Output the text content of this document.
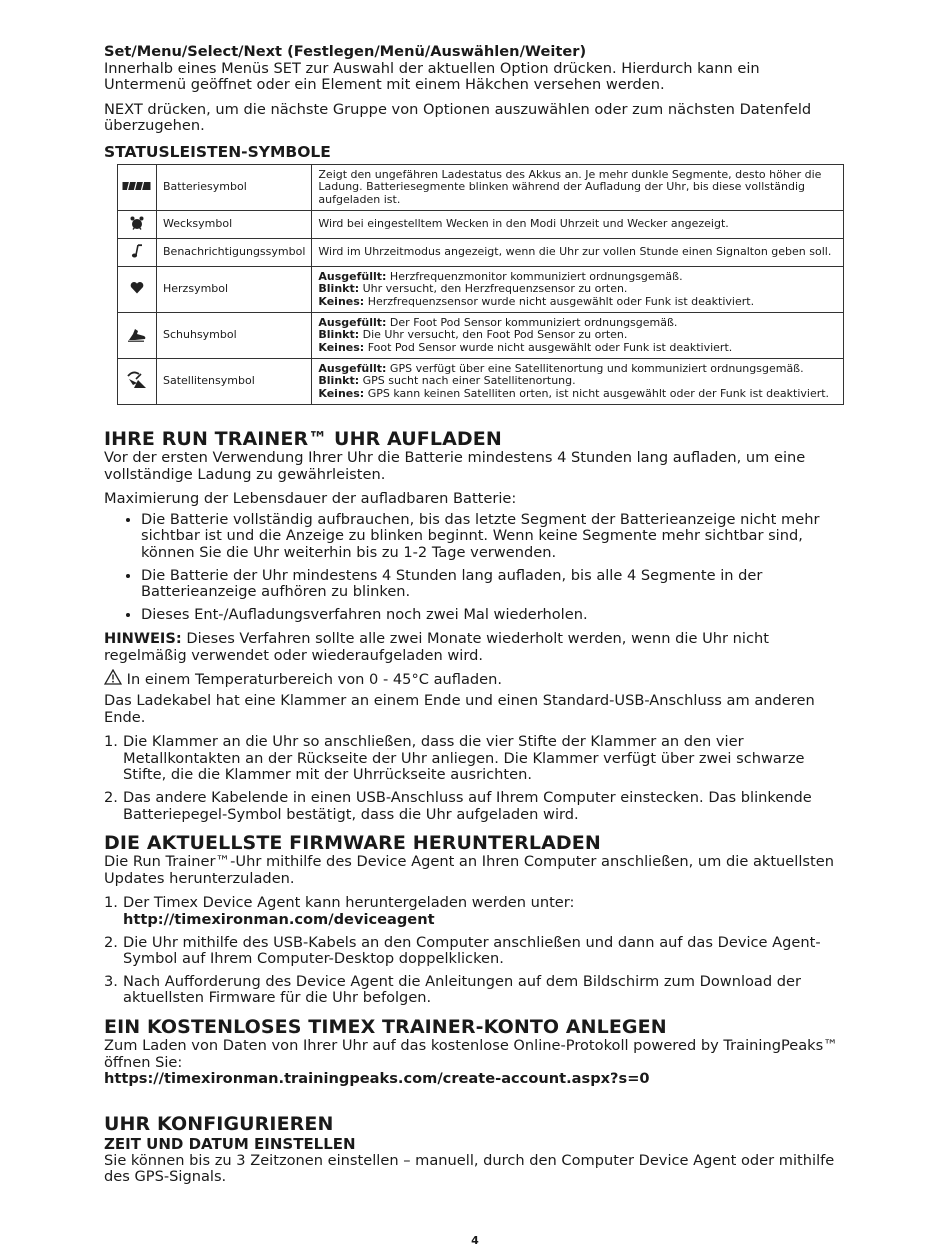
Set/Menu/Select/Next (Festlegen/Menü/Auswählen/Weiter)

Innerhalb eines Menüs SET zur Auswahl der aktuellen Option drücken. Hierdurch kann ein Untermenü geöffnet oder ein Element mit einem Häkchen versehen werden.

NEXT drücken, um die nächste Gruppe von Optionen auszuwählen oder zum nächsten Datenfeld überzugehen.

STATUSLEISTEN-SYMBOLE
	Batteriesymbol	Zeigt den ungefähren Ladestatus des Akkus an. Je mehr dunkle Segmente, desto höher die Ladung. Batteriesegmente blinken während der Aufladung der Uhr, bis diese vollständig aufgeladen ist.
	Wecksymbol	Wird bei eingestelltem Wecken in den Modi Uhrzeit und Wecker angezeigt.
	Benachrichtigungssymbol	Wird im Uhrzeitmodus angezeigt, wenn die Uhr zur vollen Stunde einen Signalton geben soll.
	Herzsymbol	Ausgefüllt: Herzfrequenzmonitor kommuniziert ordnungsgemäß.
Blinkt: Uhr versucht, den Herzfrequenzsensor zu orten.
Keines: Herzfrequenzsensor wurde nicht ausgewählt oder Funk ist deaktiviert.
	Schuhsymbol	Ausgefüllt: Der Foot Pod Sensor kommuniziert ordnungsgemäß.
Blinkt: Die Uhr versucht, den Foot Pod Sensor zu orten.
Keines: Foot Pod Sensor wurde nicht ausgewählt oder Funk ist deaktiviert.
	Satellitensymbol	Ausgefüllt: GPS verfügt über eine Satellitenortung und kommuniziert ordnungsgemäß.
Blinkt: GPS sucht nach einer Satellitenortung.
Keines: GPS kann keinen Satelliten orten, ist nicht ausgewählt oder der Funk ist deaktiviert.
IHRE RUN TRAINER™ UHR AUFLADEN

Vor der ersten Verwendung Ihrer Uhr die Batterie mindestens 4 Stunden lang aufladen, um eine vollständige Ladung zu gewährleisten.

Maximierung der Lebensdauer der aufladbaren Batterie:

• Die Batterie vollständig aufbrauchen, bis das letzte Segment der Batterieanzeige nicht mehr sichtbar ist und die Anzeige zu blinken beginnt. Wenn keine Segmente mehr sichtbar sind, können Sie die Uhr weiterhin bis zu 1-2 Tage verwenden.
• Die Batterie der Uhr mindestens 4 Stunden lang aufladen, bis alle 4 Segmente in der Batterieanzeige aufhören zu blinken.
• Dieses Ent-/Aufladungsverfahren noch zwei Mal wiederholen.

HINWEIS: Dieses Verfahren sollte alle zwei Monate wiederholt werden, wenn die Uhr nicht regelmäßig verwendet oder wiederaufgeladen wird.

In einem Temperaturbereich von 0 - 45°C aufladen.

Das Ladekabel hat eine Klammer an einem Ende und einen Standard-USB-Anschluss am anderen Ende.

1. Die Klammer an die Uhr so anschließen, dass die vier Stifte der Klammer an den vier Metallkontakten an der Rückseite der Uhr anliegen. Die Klammer verfügt über zwei schwarze Stifte, die die Klammer mit der Uhrrückseite ausrichten.
2. Das andere Kabelende in einen USB-Anschluss auf Ihrem Computer einstecken. Das blinkende Batteriepegel-Symbol bestätigt, dass die Uhr aufgeladen wird.
DIE AKTUELLSTE FIRMWARE HERUNTERLADEN

Die Run Trainer™-Uhr mithilfe des Device Agent an Ihren Computer anschließen, um die aktuellsten Updates herunterzuladen.

1. Der Timex Device Agent kann heruntergeladen werden unter: http://timexironman.com/deviceagent
2. Die Uhr mithilfe des USB-Kabels an den Computer anschließen und dann auf das Device Agent-Symbol auf Ihrem Computer-Desktop doppelklicken.
3. Nach Aufforderung des Device Agent die Anleitungen auf dem Bildschirm zum Download der aktuellsten Firmware für die Uhr befolgen.
EIN KOSTENLOSES TIMEX TRAINER-KONTO ANLEGEN

Zum Laden von Daten von Ihrer Uhr auf das kostenlose Online-Protokoll powered by TrainingPeaks™ öffnen Sie:

https://timexironman.trainingpeaks.com/create-account.aspx?s=0

UHR KONFIGURIEREN
ZEIT UND DATUM EINSTELLEN

Sie können bis zu 3 Zeitzonen einstellen – manuell, durch den Computer Device Agent oder mithilfe des GPS-Signals.

4
